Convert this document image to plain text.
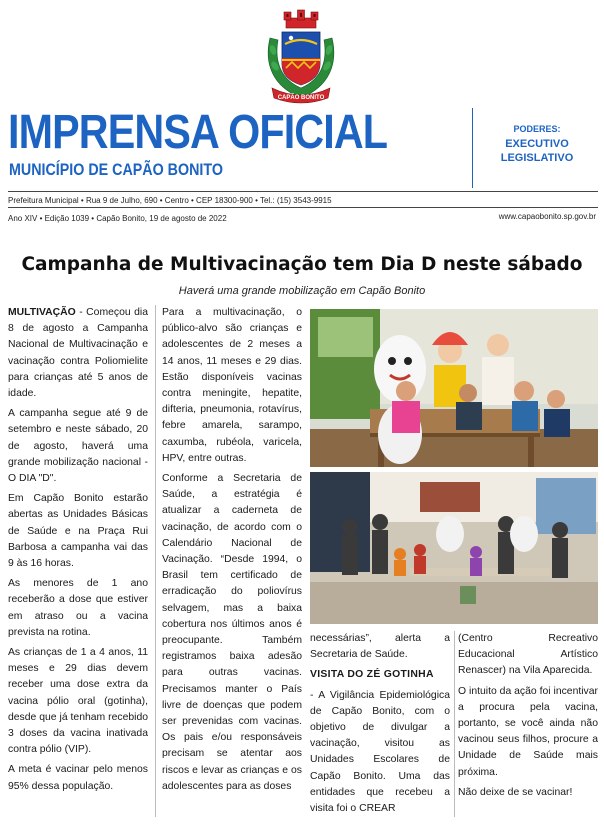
CAPÃO BONITO
IMPRENSA OFICIAL
MUNICÍPIO DE CAPÃO BONITO
PODERES:
EXECUTIVO
LEGISLATIVO
Prefeitura Municipal • Rua 9 de Julho, 690 • Centro • CEP 18300-900 • Tel.: (15) 3543-9915
Ano XIV • Edição 1039 • Capão Bonito, 19 de agosto de 2022	www.capaobonito.sp.gov.br
Campanha de Multivacinação tem Dia D neste sábado
Haverá uma grande mobilização em Capão Bonito

MULTIVAÇÃO - Começou dia 8 de agosto a Campanha Nacional de Multivacinação e vacinação contra Poliomielite para crianças até 5 anos de idade.

A campanha segue até 9 de setembro e neste sábado, 20 de agosto, haverá uma grande mobilização nacional - O DIA "D".

Em Capão Bonito estarão abertas as Unidades Básicas de Saúde e na Praça Rui Barbosa a campanha vai das 9 às 16 horas.

As menores de 1 ano receberão a dose que estiver em atraso ou a vacina prevista na rotina.

As crianças de 1 a 4 anos, 11 meses e 29 dias devem receber uma dose extra da vacina pólio oral (gotinha), desde que já tenham recebido 3 doses da vacina inativada contra pólio (VIP).

A meta é vacinar pelo menos 95% dessa população.

Para a multivacinação, o público-alvo são crianças e adolescentes de 2 meses a 14 anos, 11 meses e 29 dias. Estão disponíveis vacinas contra meningite, hepatite, difteria, pneumonia, rotavírus, febre amarela, sarampo, caxumba, rubéola, varicela, HPV, entre outras.

Conforme a Secretaria de Saúde, a estratégia é atualizar a caderneta de vacinação, de acordo com o Calendário Nacional de Vacinação. “Desde 1994, o Brasil tem certificado de erradicação do poliovírus selvagem, mas a baixa cobertura nos últimos anos é preocupante. Também registramos baixa adesão para outras vacinas. Precisamos manter o País livre de doenças que podem ser prevenidas com vacinas. Os pais e/ou responsáveis precisam se atentar aos riscos e levar as crianças e os adolescentes para as doses

necessárias”, alerta a Secretaria de Saúde.

VISITA DO ZÉ GOTINHA

- A Vigilância Epidemiológica de Capão Bonito, com o objetivo de divulgar a vacinação, visitou as Unidades Escolares de Capão Bonito. Uma das entidades que recebeu a visita foi o CREAR

(Centro Recreativo Educacional Artístico Renascer) na Vila Aparecida.

O intuito da ação foi incentivar a procura pela vacina, portanto, se você ainda não vacinou seus filhos, procure a Unidade de Saúde mais próxima.

Não deixe de se vacinar!
